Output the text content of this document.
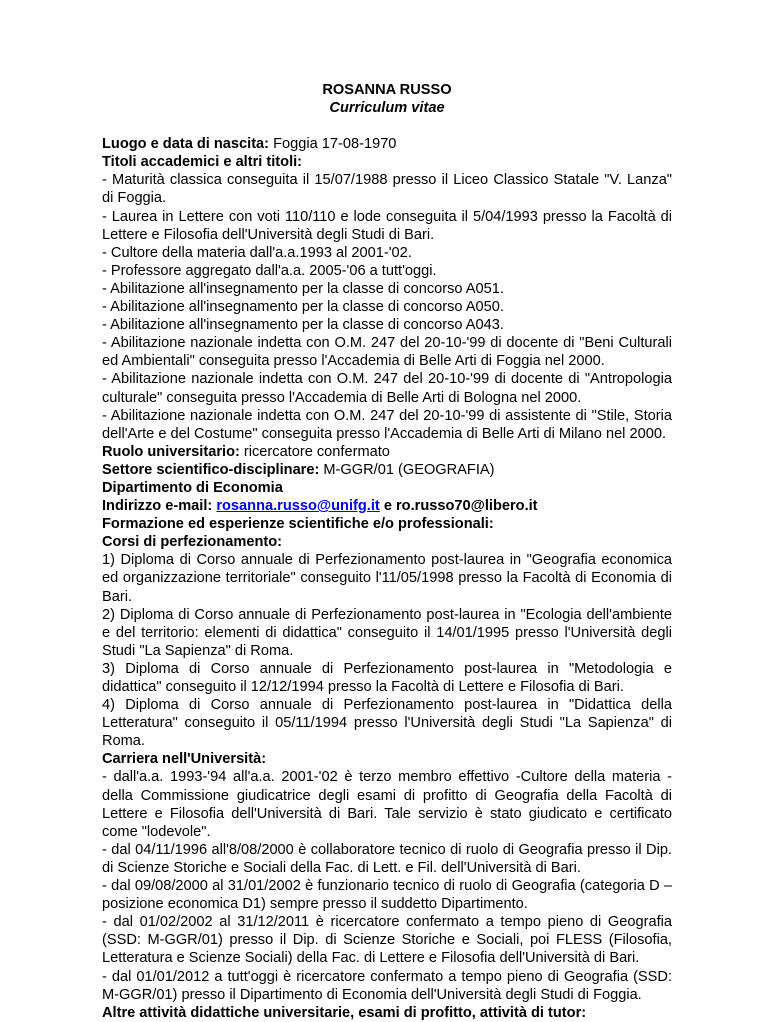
ROSANNA RUSSO
Curriculum vitae
Luogo e data di nascita: Foggia 17-08-1970
Titoli accademici e altri titoli:
- Maturità classica conseguita il 15/07/1988 presso il Liceo Classico Statale "V. Lanza" di Foggia.
- Laurea in Lettere con voti 110/110 e lode conseguita il 5/04/1993 presso la Facoltà di Lettere e Filosofia dell'Università degli Studi di Bari.
- Cultore della materia dall'a.a.1993 al 2001-'02.
- Professore aggregato dall'a.a. 2005-'06 a tutt'oggi.
- Abilitazione all'insegnamento per la classe di concorso A051.
- Abilitazione all'insegnamento per la classe di concorso A050.
- Abilitazione all'insegnamento per la classe di concorso A043.
- Abilitazione nazionale indetta con O.M. 247 del 20-10-'99 di docente di "Beni Culturali ed Ambientali" conseguita presso l'Accademia di Belle Arti di Foggia nel 2000.
- Abilitazione nazionale indetta con O.M. 247 del 20-10-'99 di docente di "Antropologia culturale" conseguita presso l'Accademia di Belle Arti di Bologna nel 2000.
- Abilitazione nazionale indetta con O.M. 247 del 20-10-'99 di assistente di "Stile, Storia dell'Arte e del Costume" conseguita presso l'Accademia di Belle Arti di Milano nel 2000.
Ruolo universitario: ricercatore confermato
Settore scientifico-disciplinare: M-GGR/01 (GEOGRAFIA)
Dipartimento di Economia
Indirizzo e-mail: rosanna.russo@unifg.it e ro.russo70@libero.it
Formazione ed esperienze scientifiche e/o professionali:
Corsi di perfezionamento:
1) Diploma di Corso annuale di Perfezionamento post-laurea in "Geografia economica ed organizzazione territoriale" conseguito l'11/05/1998 presso la Facoltà di Economia di Bari.
2) Diploma di Corso annuale di Perfezionamento post-laurea in "Ecologia dell'ambiente e del territorio: elementi di didattica" conseguito il 14/01/1995 presso l'Università degli Studi "La Sapienza" di Roma.
3) Diploma di Corso annuale di Perfezionamento post-laurea in "Metodologia e didattica" conseguito il 12/12/1994 presso la Facoltà di Lettere e Filosofia di Bari.
4) Diploma di Corso annuale di Perfezionamento post-laurea in "Didattica della Letteratura" conseguito il 05/11/1994 presso l'Università degli Studi "La Sapienza" di Roma.
Carriera nell'Università:
- dall'a.a. 1993-'94 all'a.a. 2001-'02 è terzo membro effettivo -Cultore della materia - della Commissione giudicatrice degli esami di profitto di Geografia della Facoltà di Lettere e Filosofia dell'Università di Bari. Tale servizio è stato giudicato e certificato come "lodevole".
- dal 04/11/1996 all'8/08/2000 è collaboratore tecnico di ruolo di Geografia presso il Dip. di Scienze Storiche e Sociali della Fac. di Lett. e Fil. dell'Università di Bari.
- dal 09/08/2000 al 31/01/2002 è funzionario tecnico di ruolo di Geografia (categoria D – posizione economica D1) sempre presso il suddetto Dipartimento.
- dal 01/02/2002 al 31/12/2011 è ricercatore confermato a tempo pieno di Geografia (SSD: M-GGR/01) presso il Dip. di Scienze Storiche e Sociali, poi FLESS (Filosofia, Letteratura e Scienze Sociali) della Fac. di Lettere e Filosofia dell'Università di Bari.
- dal 01/01/2012 a tutt'oggi è ricercatore confermato a tempo pieno di Geografia (SSD: M-GGR/01) presso il Dipartimento di Economia dell'Università degli Studi di Foggia.
Altre attività didattiche universitarie, esami di profitto, attività di tutor:
